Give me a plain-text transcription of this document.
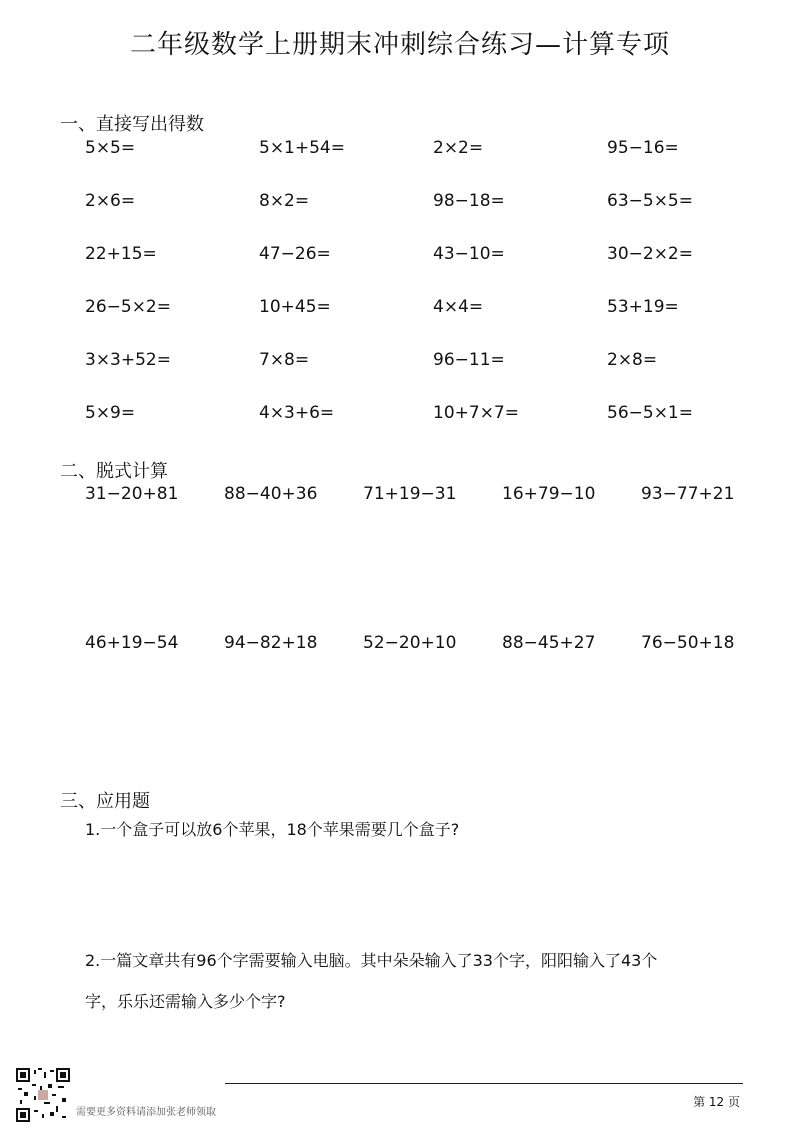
二年级数学上册期末冲刺综合练习—计算专项
一、直接写出得数
5×5=	5×1+54=	2×2=	95−16=
2×6=	8×2=	98−18=	63−5×5=
22+15=	47−26=	43−10=	30−2×2=
26−5×2=	10+45=	4×4=	53+19=
3×3+52=	7×8=	96−11=	2×8=
5×9=	4×3+6=	10+7×7=	56−5×1=
二、脱式计算
31−20+81	88−40+36	71+19−31	16+79−10	93−77+21
46+19−54	94−82+18	52−20+10	88−45+27	76−50+18
三、应用题
1.一个盒子可以放6个苹果，18个苹果需要几个盒子?
2.一篇文章共有96个字需要输入电脑。其中朵朵输入了33个字，阳阳输入了43个
字，乐乐还需输入多少个字?
第 12 页
需要更多资料请添加张老师领取
